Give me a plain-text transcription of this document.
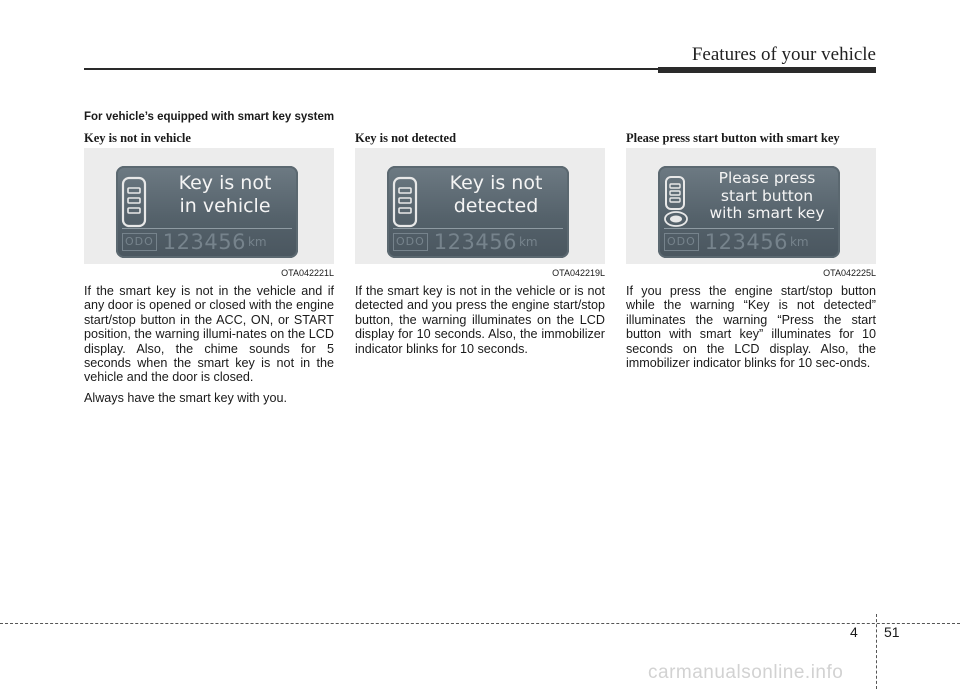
Features of your vehicle
For vehicle’s equipped with smart key system
Key is not in vehicle
Key is not
in vehicle
ODO 123456 km
OTA042221L

If the smart key is not in the vehicle and if any door is opened or closed with the engine start/stop button in the ACC, ON, or START position, the warning illumi-nates on the LCD display. Also, the chime sounds for 5 seconds when the smart key is not in the vehicle and the door is closed.

Always have the smart key with you.

Key is not detected
Key is not
detected
ODO 123456 km
OTA042219L

If the smart key is not in the vehicle or is not detected and you press the engine start/stop button, the warning illuminates on the LCD display for 10 seconds. Also, the immobilizer indicator blinks for 10 seconds.

Please press start button with smart key
Please press
start button
with smart key
ODO 123456 km
OTA042225L

If you press the engine start/stop button while the warning “Key is not detected” illuminates the warning “Press the start button with smart key” illuminates for 10 seconds on the LCD display. Also, the immobilizer indicator blinks for 10 sec-onds.

4 51
carmanualsonline.info
